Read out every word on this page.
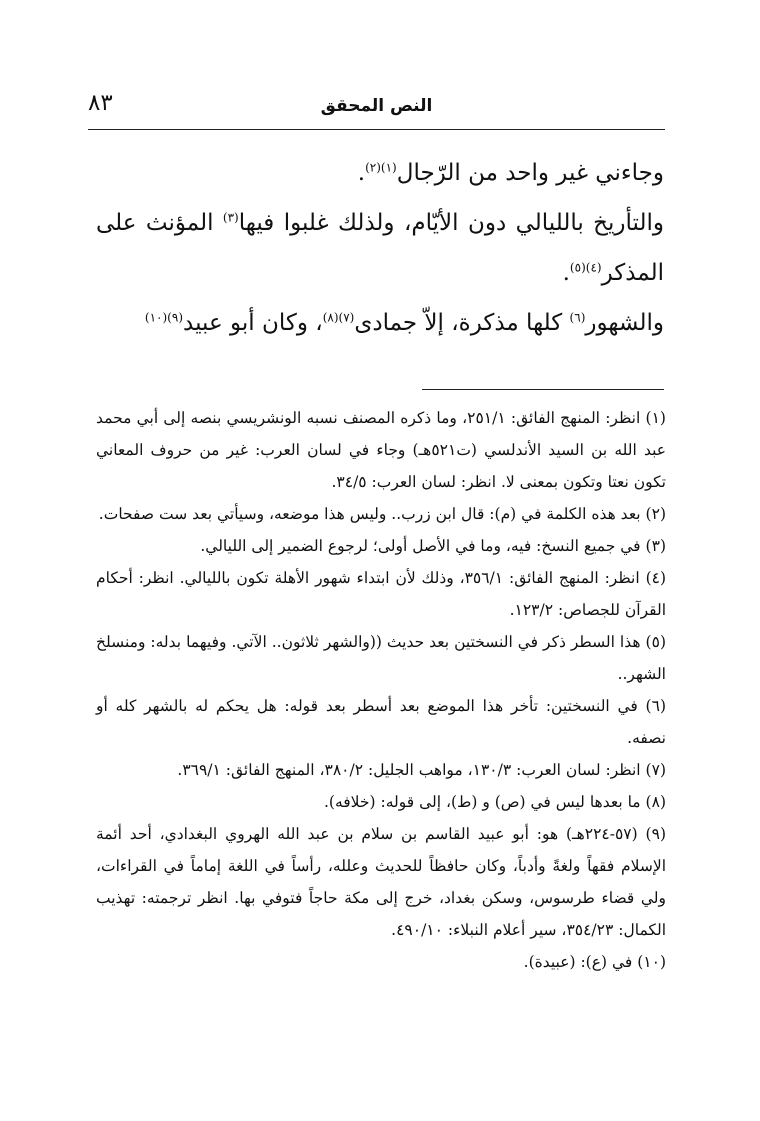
النص المحقق
٨٣

وجاءني غير واحد من الرّجال$^{(١)(٢)}$.

والتأريخ بالليالي دون الأيّام، ولذلك غلبوا فيها$^{(٣)}$ المؤنث على المذكر$^{(٤)(٥)}$.

والشهور$^{(٦)}$ كلها مذكرة، إلاّ جمادى$^{(٧)(٨)}$، وكان أبو عبيد$^{(٩)(١٠)}$

(١) انظر: المنهج الفائق: ٢٥١/١، وما ذكره المصنف نسبه الونشريسي بنصه إلى أبي محمد عبد الله بن السيد الأندلسي (ت٥٢١هـ) وجاء في لسان العرب: غير من حروف المعاني تكون نعتا وتكون بمعنى لا. انظر: لسان العرب: ٣٤/٥.

(٢) بعد هذه الكلمة في (م): قال ابن زرب.. وليس هذا موضعه، وسيأتي بعد ست صفحات.

(٣) في جميع النسخ: فيه، وما في الأصل أولى؛ لرجوع الضمير إلى الليالي.

(٤) انظر: المنهج الفائق: ٣٥٦/١، وذلك لأن ابتداء شهور الأهلة تكون بالليالي. انظر: أحكام القرآن للجصاص: ١٢٣/٢.

(٥) هذا السطر ذكر في النسختين بعد حديث ((والشهر ثلاثون.. الآتي. وفيهما بدله: ومنسلخ الشهر..

(٦) في النسختين: تأخر هذا الموضع بعد أسطر بعد قوله: هل يحكم له بالشهر كله أو نصفه.

(٧) انظر: لسان العرب: ١٣٠/٣، مواهب الجليل: ٣٨٠/٢، المنهج الفائق: ٣٦٩/١.

(٨) ما بعدها ليس في (ص) و (ط)، إلى قوله: (خلافه).

(٩) (٥٧-٢٢٤هـ) هو: أبو عبيد القاسم بن سلام بن عبد الله الهروي البغدادي، أحد أئمة الإسلام فقهاً ولغةً وأدباً، وكان حافظاً للحديث وعلله، رأساً في اللغة إماماً في القراءات، ولي قضاء طرسوس، وسكن بغداد، خرج إلى مكة حاجاً فتوفي بها. انظر ترجمته: تهذيب الكمال: ٣٥٤/٢٣، سير أعلام النبلاء: ٤٩٠/١٠.

(١٠) في (ع): (عبيدة).
